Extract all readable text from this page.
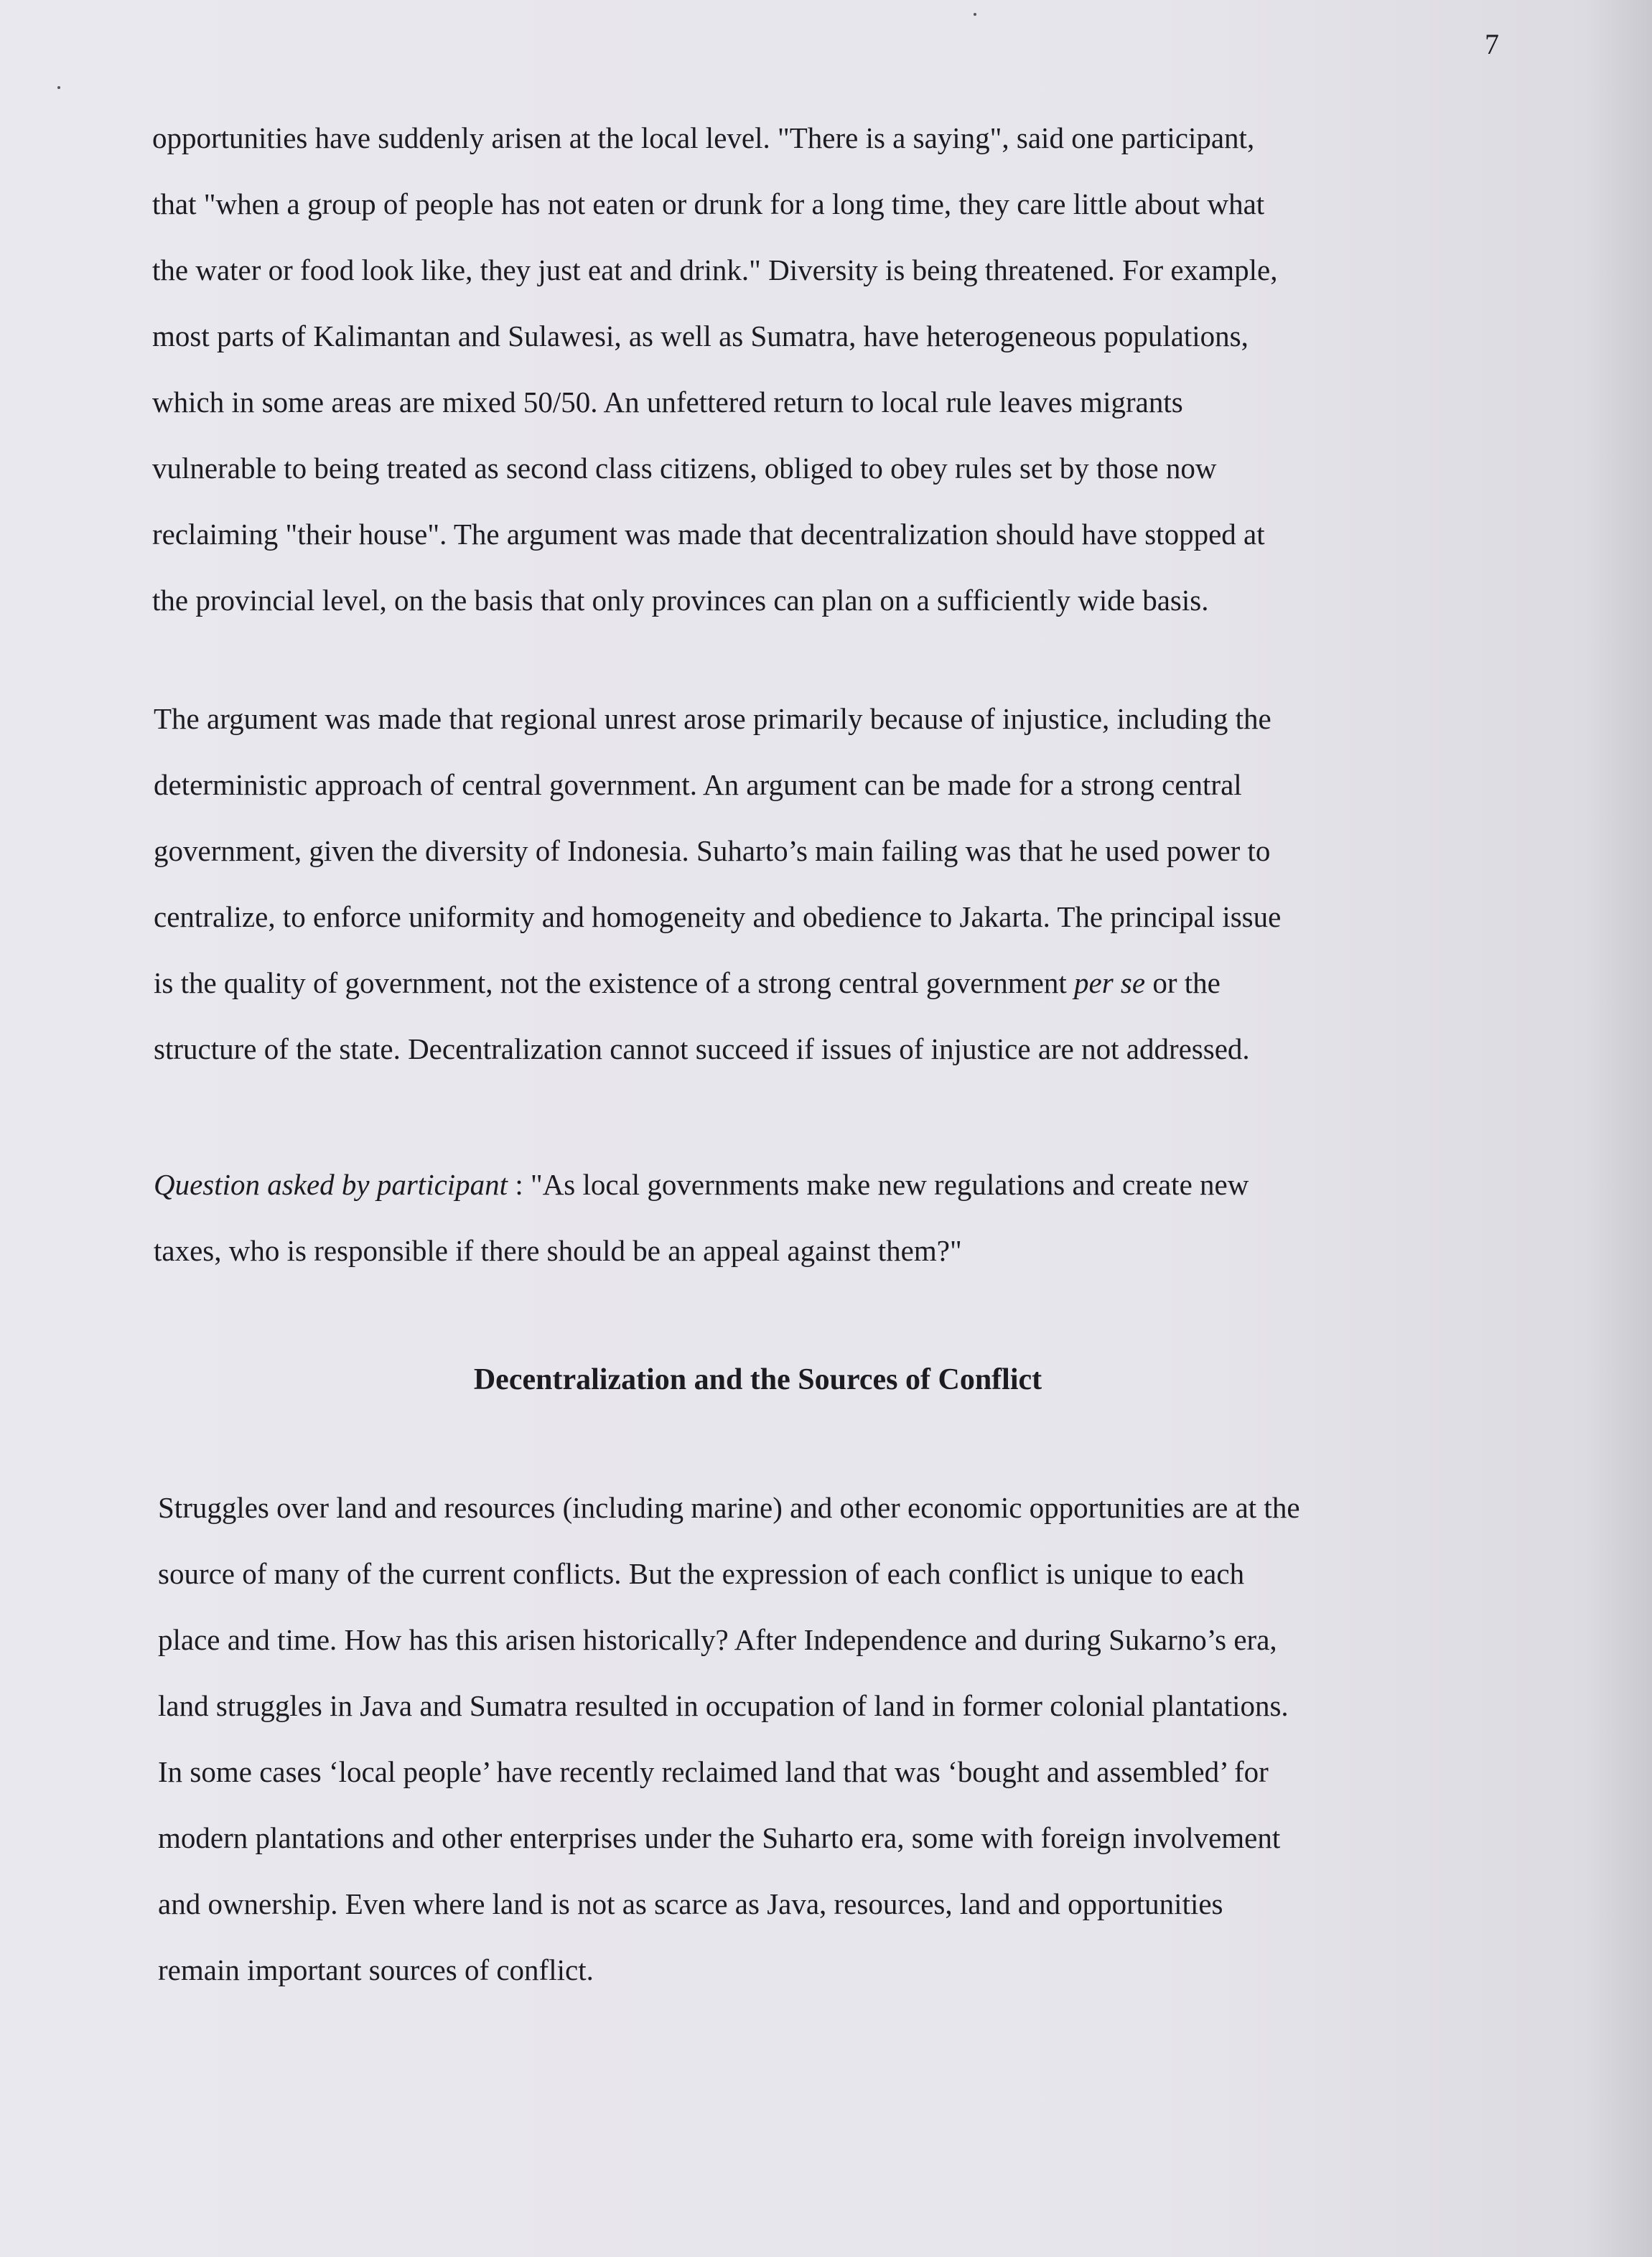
7
opportunities have suddenly arisen at the local level. "There is a saying", said one participant,
that "when a group of people has not eaten or drunk for a long time, they care little about what
the water or food look like, they just eat and drink." Diversity is being threatened. For example,
most parts of Kalimantan and Sulawesi, as well as Sumatra, have heterogeneous populations,
which in some areas are mixed 50/50. An unfettered return to local rule leaves migrants
vulnerable to being treated as second class citizens, obliged to obey rules set by those now
reclaiming "their house". The argument was made that decentralization should have stopped at
the provincial level, on the basis that only provinces can plan on a sufficiently wide basis.
The argument was made that regional unrest arose primarily because of injustice, including the
deterministic approach of central government. An argument can be made for a strong central
government, given the diversity of Indonesia. Suharto’s main failing was that he used power to
centralize, to enforce uniformity and homogeneity and obedience to Jakarta. The principal issue
is the quality of government, not the existence of a strong central government per se or the
structure of the state. Decentralization cannot succeed if issues of injustice are not addressed.
Question asked by participant : "As local governments make new regulations and create new
taxes, who is responsible if there should be an appeal against them?"
Decentralization and the Sources of Conflict
Struggles over land and resources (including marine) and other economic opportunities are at the
source of many of the current conflicts. But the expression of each conflict is unique to each
place and time. How has this arisen historically? After Independence and during Sukarno’s era,
land struggles in Java and Sumatra resulted in occupation of land in former colonial plantations.
In some cases ‘local people’ have recently reclaimed land that was ‘bought and assembled’ for
modern plantations and other enterprises under the Suharto era, some with foreign involvement
and ownership. Even where land is not as scarce as Java, resources, land and opportunities
remain important sources of conflict.
